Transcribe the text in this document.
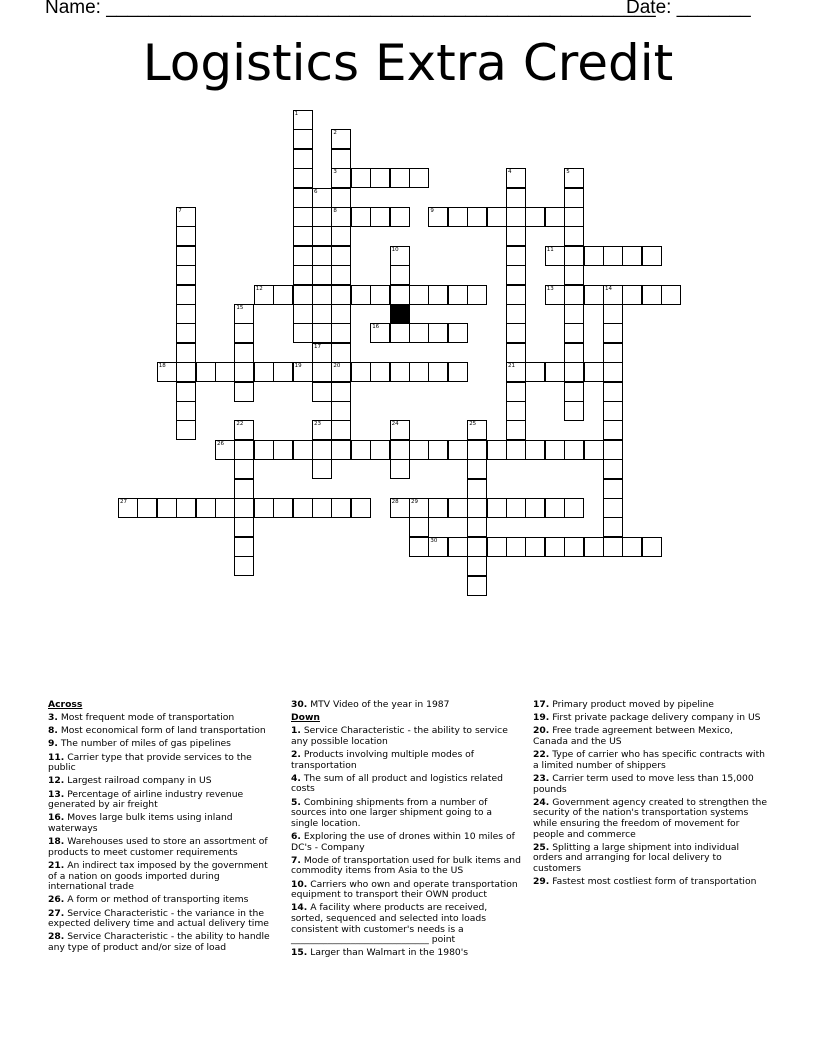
Name: ____________________________________________________
Date: _______
Logistics Extra Credit
3
8	9
11
12	13	14
16
18	19	20	21
26
27	28 29
30
1
2
4	5
6
17
7
10
15
22	23	24	25
Across
3. Most frequent mode of transportation
8. Most economical form of land transportation
9. The number of miles of gas pipelines
11. Carrier type that provide services to the public
12. Largest railroad company in US
13. Percentage of airline industry revenue generated by air freight
16. Moves large bulk items using inland waterways
18. Warehouses used to store an assortment of products to meet customer requirements
21. An indirect tax imposed by the government of a nation on goods imported during international trade
26. A form or method of transporting items
27. Service Characteristic - the variance in the expected delivery time and actual delivery time
28. Service Characteristic - the ability to handle any type of product and/or size of load
30. MTV Video of the year in 1987
Down
1. Service Characteristic - the ability to service any possible location
2. Products involving multiple modes of transportation
4. The sum of all product and logistics related costs
5. Combining shipments from a number of sources into one larger shipment going to a single location.
6. Exploring the use of drones within 10 miles of DC's - Company
7. Mode of transportation used for bulk items and commodity items from Asia to the US
10. Carriers who own and operate transportation equipment to transport their OWN product
14. A facility where products are received, sorted, sequenced and selected into loads consistent with customer's needs is a ______________________________ point
15. Larger than Walmart in the 1980's
17. Primary product moved by pipeline
19. First private package delivery company in US
20. Free trade agreement between Mexico, Canada and the US
22. Type of carrier who has specific contracts with a limited number of shippers
23. Carrier term used to move less than 15,000 pounds
24. Government agency created to strengthen the security of the nation's transportation systems while ensuring the freedom of movement for people and commerce
25. Splitting a large shipment into individual orders and arranging for local delivery to customers
29. Fastest most costliest form of transportation
